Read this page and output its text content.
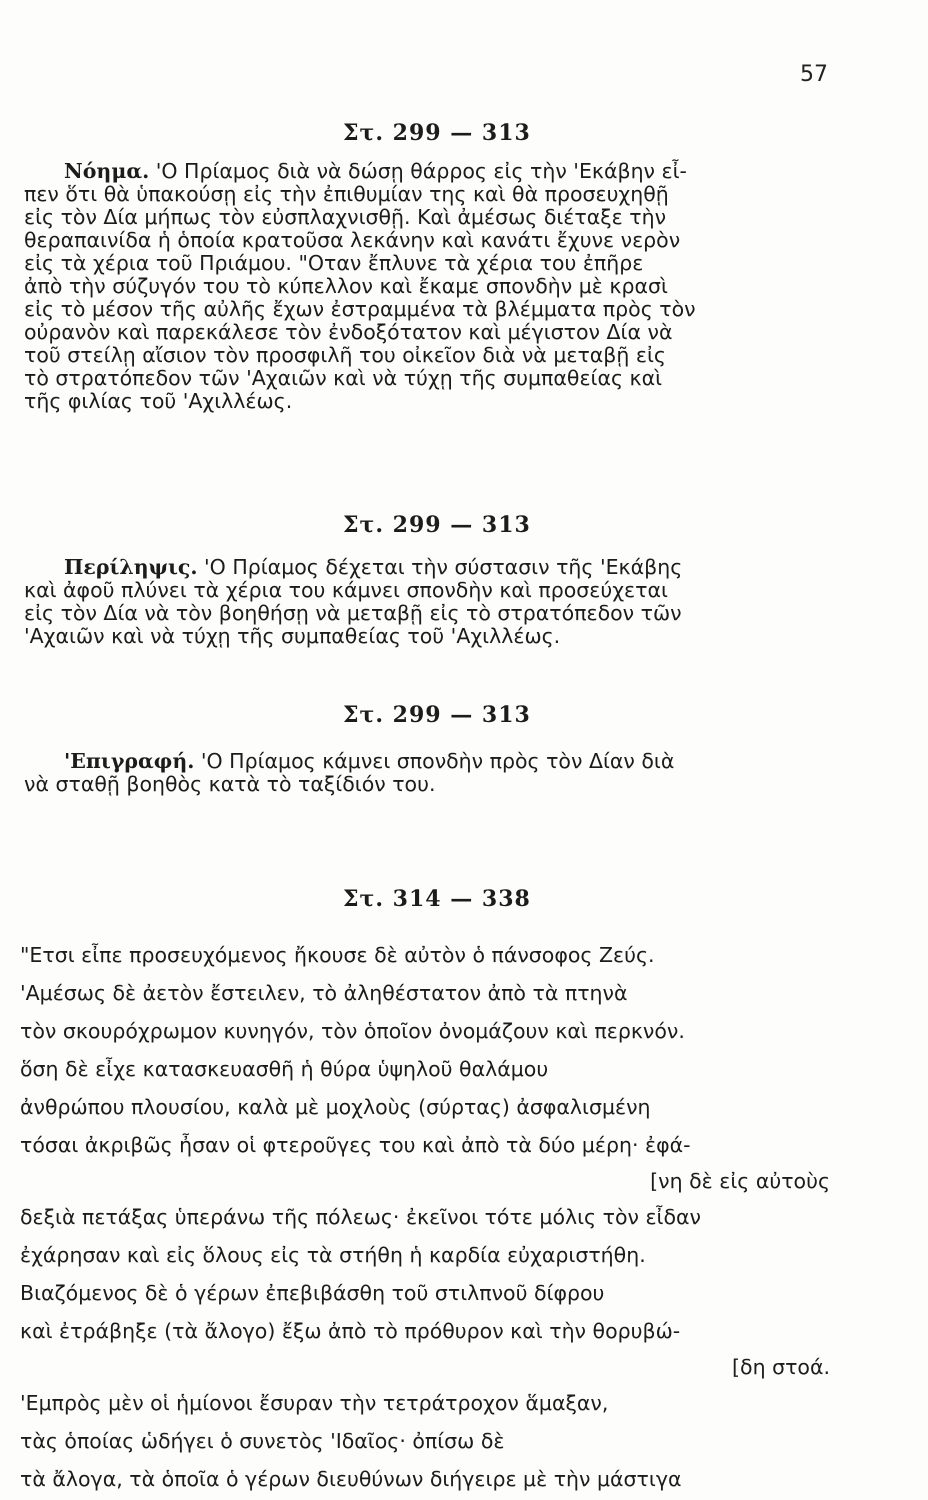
57
Στ. 299 — 313
Νόημα. 'Ο Πρίαμος διὰ νὰ δώσῃ θάρρος εἰς τὴν 'Εκάβην εἶ-
πεν ὅτι θὰ ὑπακούσῃ εἰς τὴν ἐπιθυμίαν της καὶ θὰ προσευχηθῇ
εἰς τὸν Δία μήπως τὸν εὐσπλαχνισθῇ. Καὶ ἀμέσως διέταξε τὴν
θεραπαινίδα ἡ ὁποία κρατοῦσα λεκάνην καὶ κανάτι ἔχυνε νερὸν
εἰς τὰ χέρια τοῦ Πριάμου. "Οταν ἔπλυνε τὰ χέρια του ἐπῆρε
ἀπὸ τὴν σύζυγόν του τὸ κύπελλον καὶ ἔκαμε σπονδὴν μὲ κρασὶ
εἰς τὸ μέσον τῆς αὐλῆς ἔχων ἐστραμμένα τὰ βλέμματα πρὸς τὸν
οὐρανὸν καὶ παρεκάλεσε τὸν ἐνδοξότατον καὶ μέγιστον Δία νὰ
τοῦ στείλῃ αἴσιον τὸν προσφιλῆ του οἰκεῖον διὰ νὰ μεταβῇ εἰς
τὸ στρατόπεδον τῶν 'Αχαιῶν καὶ νὰ τύχῃ τῆς συμπαθείας καὶ
τῆς φιλίας τοῦ 'Αχιλλέως.
Στ. 299 — 313
Περίληψις. 'Ο Πρίαμος δέχεται τὴν σύστασιν τῆς 'Εκάβης
καὶ ἀφοῦ πλύνει τὰ χέρια του κάμνει σπονδὴν καὶ προσεύχεται
εἰς τὸν Δία νὰ τὸν βοηθήσῃ νὰ μεταβῇ εἰς τὸ στρατόπεδον τῶν
'Αχαιῶν καὶ νὰ τύχῃ τῆς συμπαθείας τοῦ 'Αχιλλέως.
Στ. 299 — 313
'Επιγραφή. 'Ο Πρίαμος κάμνει σπονδὴν πρὸς τὸν Δίαν διὰ
νὰ σταθῇ βοηθὸς κατὰ τὸ ταξίδιόν του.
Στ. 314 — 338
"Ετσι εἶπε προσευχόμενος ἤκουσε δὲ αὐτὸν ὁ πάνσοφος Ζεύς.
'Αμέσως δὲ ἀετὸν ἔστειλεν, τὸ ἀληθέστατον ἀπὸ τὰ πτηνὰ
τὸν σκουρόχρωμον κυνηγόν, τὸν ὁποῖον ὀνομάζουν καὶ περκνόν.
ὅση δὲ εἶχε κατασκευασθῆ ἡ θύρα ὑψηλοῦ θαλάμου
ἀνθρώπου πλουσίου, καλὰ μὲ μοχλοὺς (σύρτας) ἀσφαλισμένη
τόσαι ἀκριβῶς ἦσαν οἱ φτεροῦγες του καὶ ἀπὸ τὰ δύο μέρη· ἐφά-
[νη δὲ εἰς αὐτοὺς
δεξιὰ πετάξας ὑπεράνω τῆς πόλεως· ἐκεῖνοι τότε μόλις τὸν εἶδαν
ἐχάρησαν καὶ εἰς ὅλους εἰς τὰ στήθη ἡ καρδία εὐχαριστήθη.
Βιαζόμενος δὲ ὁ γέρων ἐπεβιβάσθη τοῦ στιλπνοῦ δίφρου
καὶ ἐτράβηξε (τὰ ἄλογο) ἔξω ἀπὸ τὸ πρόθυρον καὶ τὴν θορυβώ-
[δη στοά.
'Εμπρὸς μὲν οἱ ἡμίονοι ἔσυραν τὴν τετράτροχον ἅμαξαν,
τὰς ὁποίας ὡδήγει ὁ συνετὸς 'Ιδαῖος· ὀπίσω δὲ
τὰ ἄλογα, τὰ ὁποῖα ὁ γέρων διευθύνων διήγειρε μὲ τὴν μάστιγα
